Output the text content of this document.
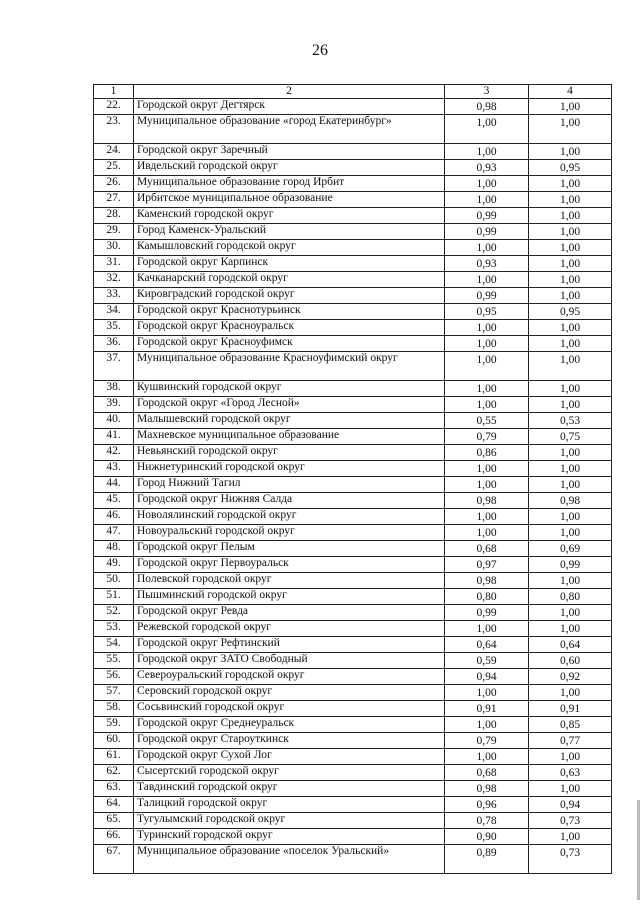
26
1	2	3	4
22.	Городской округ Дегтярск	0,98	1,00

23.	Муниципальное образование «город Екатеринбург»	1,00	1,00

24.	Городской округ Заречный	1,00	1,00

25.	Ивдельский городской округ	0,93	0,95

26.	Муниципальное образование город Ирбит	1,00	1,00

27.	Ирбитское муниципальное образование	1,00	1,00

28.	Каменский городской округ	0,99	1,00

29.	Город Каменск-Уральский	0,99	1,00

30.	Камышловский городской округ	1,00	1,00

31.	Городской округ Карпинск	0,93	1,00

32.	Качканарский городской округ	1,00	1,00

33.	Кировградский городской округ	0,99	1,00

34.	Городской округ Краснотурьинск	0,95	0,95

35.	Городской округ Красноуральск	1,00	1,00

36.	Городской округ Красноуфимск	1,00	1,00

37.	Муниципальное образование Красноуфимский округ	1,00	1,00

38.	Кушвинский городской округ	1,00	1,00

39.	Городской округ «Город Лесной»	1,00	1,00

40.	Малышевский городской округ	0,55	0,53

41.	Махневское муниципальное образование	0,79	0,75

42.	Невьянский городской округ	0,86	1,00

43.	Нижнетуринский городской округ	1,00	1,00

44.	Город Нижний Тагил	1,00	1,00

45.	Городской округ Нижняя Салда	0,98	0,98

46.	Новолялинский городской округ	1,00	1,00

47.	Новоуральский городской округ	1,00	1,00

48.	Городской округ Пелым	0,68	0,69

49.	Городской округ Первоуральск	0,97	0,99

50.	Полевской городской округ	0,98	1,00

51.	Пышминский городской округ	0,80	0,80

52.	Городской округ Ревда	0,99	1,00

53.	Режевской городской округ	1,00	1,00

54.	Городской округ Рефтинский	0,64	0,64

55.	Городской округ ЗАТО Свободный	0,59	0,60

56.	Североуральский городской округ	0,94	0,92

57.	Серовский городской округ	1,00	1,00

58.	Сосьвинский городской округ	0,91	0,91

59.	Городской округ Среднеуральск	1,00	0,85

60.	Городской округ Староуткинск	0,79	0,77

61.	Городской округ Сухой Лог	1,00	1,00

62.	Сысертский городской округ	0,68	0,63

63.	Тавдинский городской округ	0,98	1,00

64.	Талицкий городской округ	0,96	0,94

65.	Тугулымский городской округ	0,78	0,73

66.	Туринский городской округ	0,90	1,00

67.	Муниципальное образование «поселок Уральский»	0,89	0,73
